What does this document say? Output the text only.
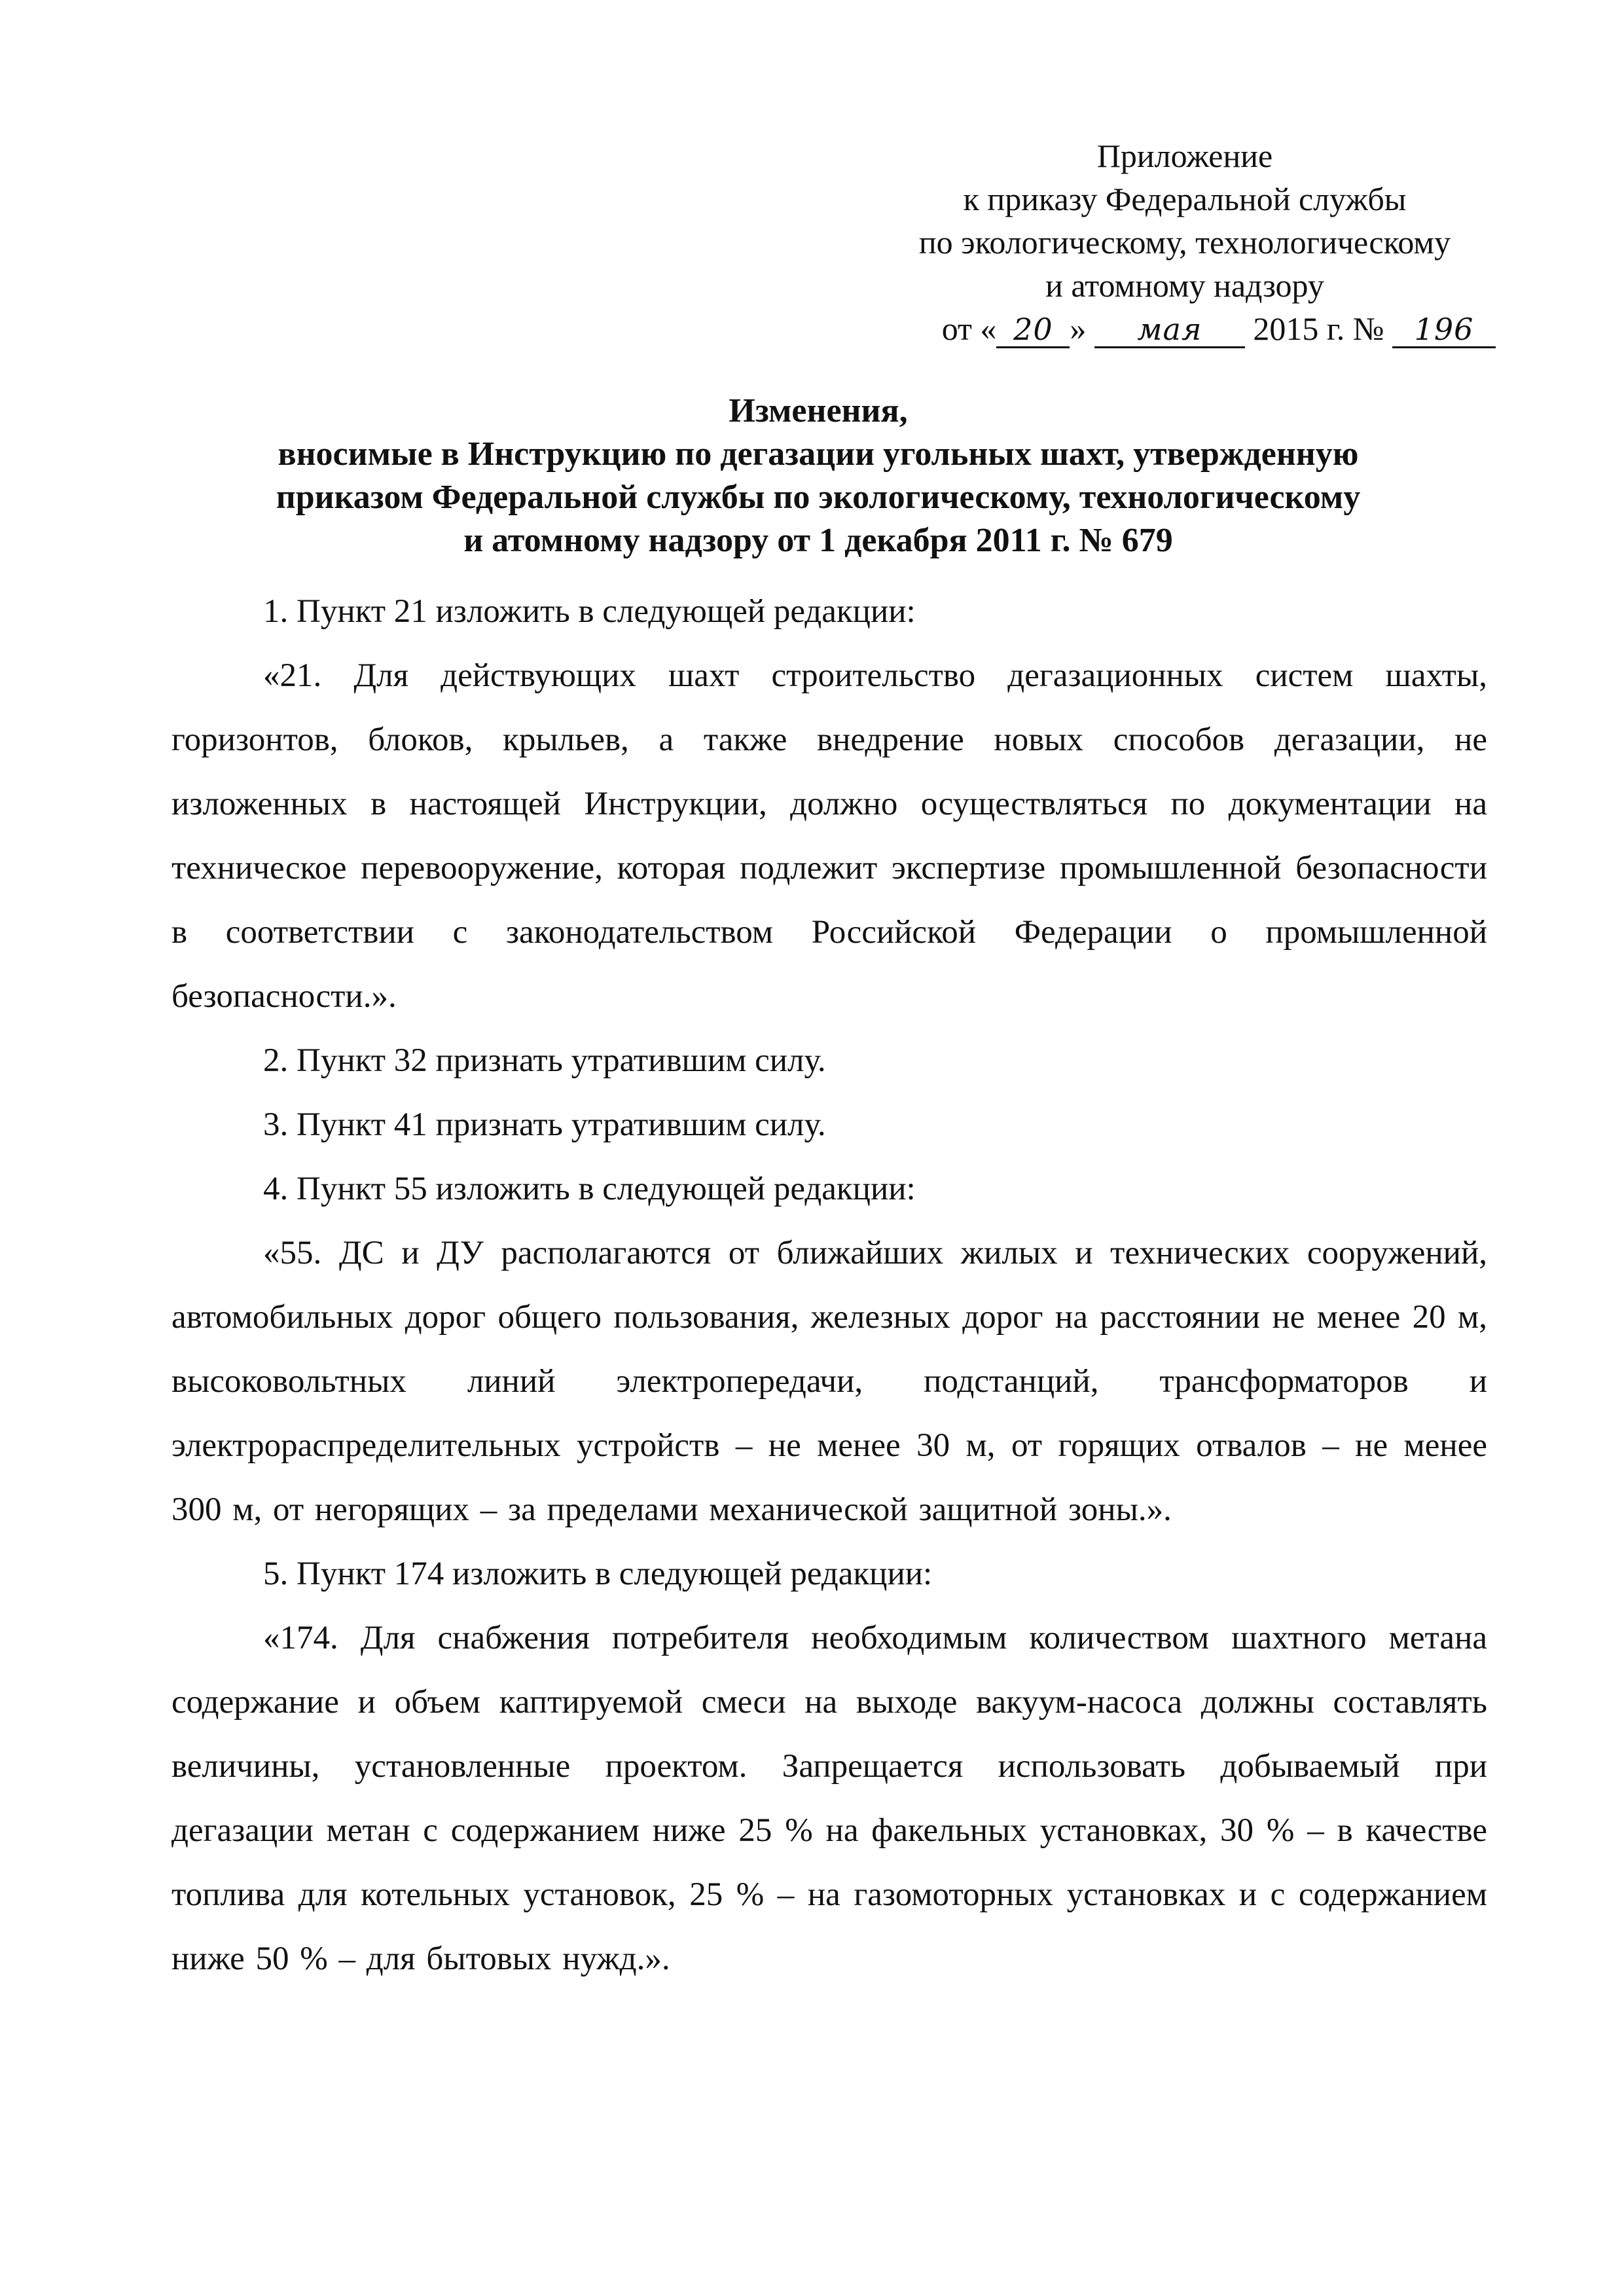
Приложение
к приказу Федеральной службы
по экологическому, технологическому
и атомному надзору
от « 20 » мая 2015 г. № 196
Изменения,
вносимые в Инструкцию по дегазации угольных шахт, утвержденную
приказом Федеральной службы по экологическому, технологическому
и атомному надзору от 1 декабря 2011 г. № 679
1. Пункт 21 изложить в следующей редакции:
«21. Для действующих шахт строительство дегазационных систем шахты, горизонтов, блоков, крыльев, а также внедрение новых способов дегазации, не изложенных в настоящей Инструкции, должно осуществляться по документации на техническое перевооружение, которая подлежит экспертизе промышленной безопасности в соответствии с законодательством Российской Федерации о промышленной безопасности.».
2. Пункт 32 признать утратившим силу.
3. Пункт 41 признать утратившим силу.
4. Пункт 55 изложить в следующей редакции:
«55. ДС и ДУ располагаются от ближайших жилых и технических сооружений, автомобильных дорог общего пользования, железных дорог на расстоянии не менее 20 м, высоковольтных линий электропередачи, подстанций, трансформаторов и электрораспределительных устройств – не менее 30 м, от горящих отвалов – не менее 300 м, от негорящих – за пределами механической защитной зоны.».
5. Пункт 174 изложить в следующей редакции:
«174. Для снабжения потребителя необходимым количеством шахтного метана содержание и объем каптируемой смеси на выходе вакуум-насоса должны составлять величины, установленные проектом. Запрещается использовать добываемый при дегазации метан с содержанием ниже 25 % на факельных установках, 30 % – в качестве топлива для котельных установок, 25 % – на газомоторных установках и с содержанием ниже 50 % – для бытовых нужд.».
